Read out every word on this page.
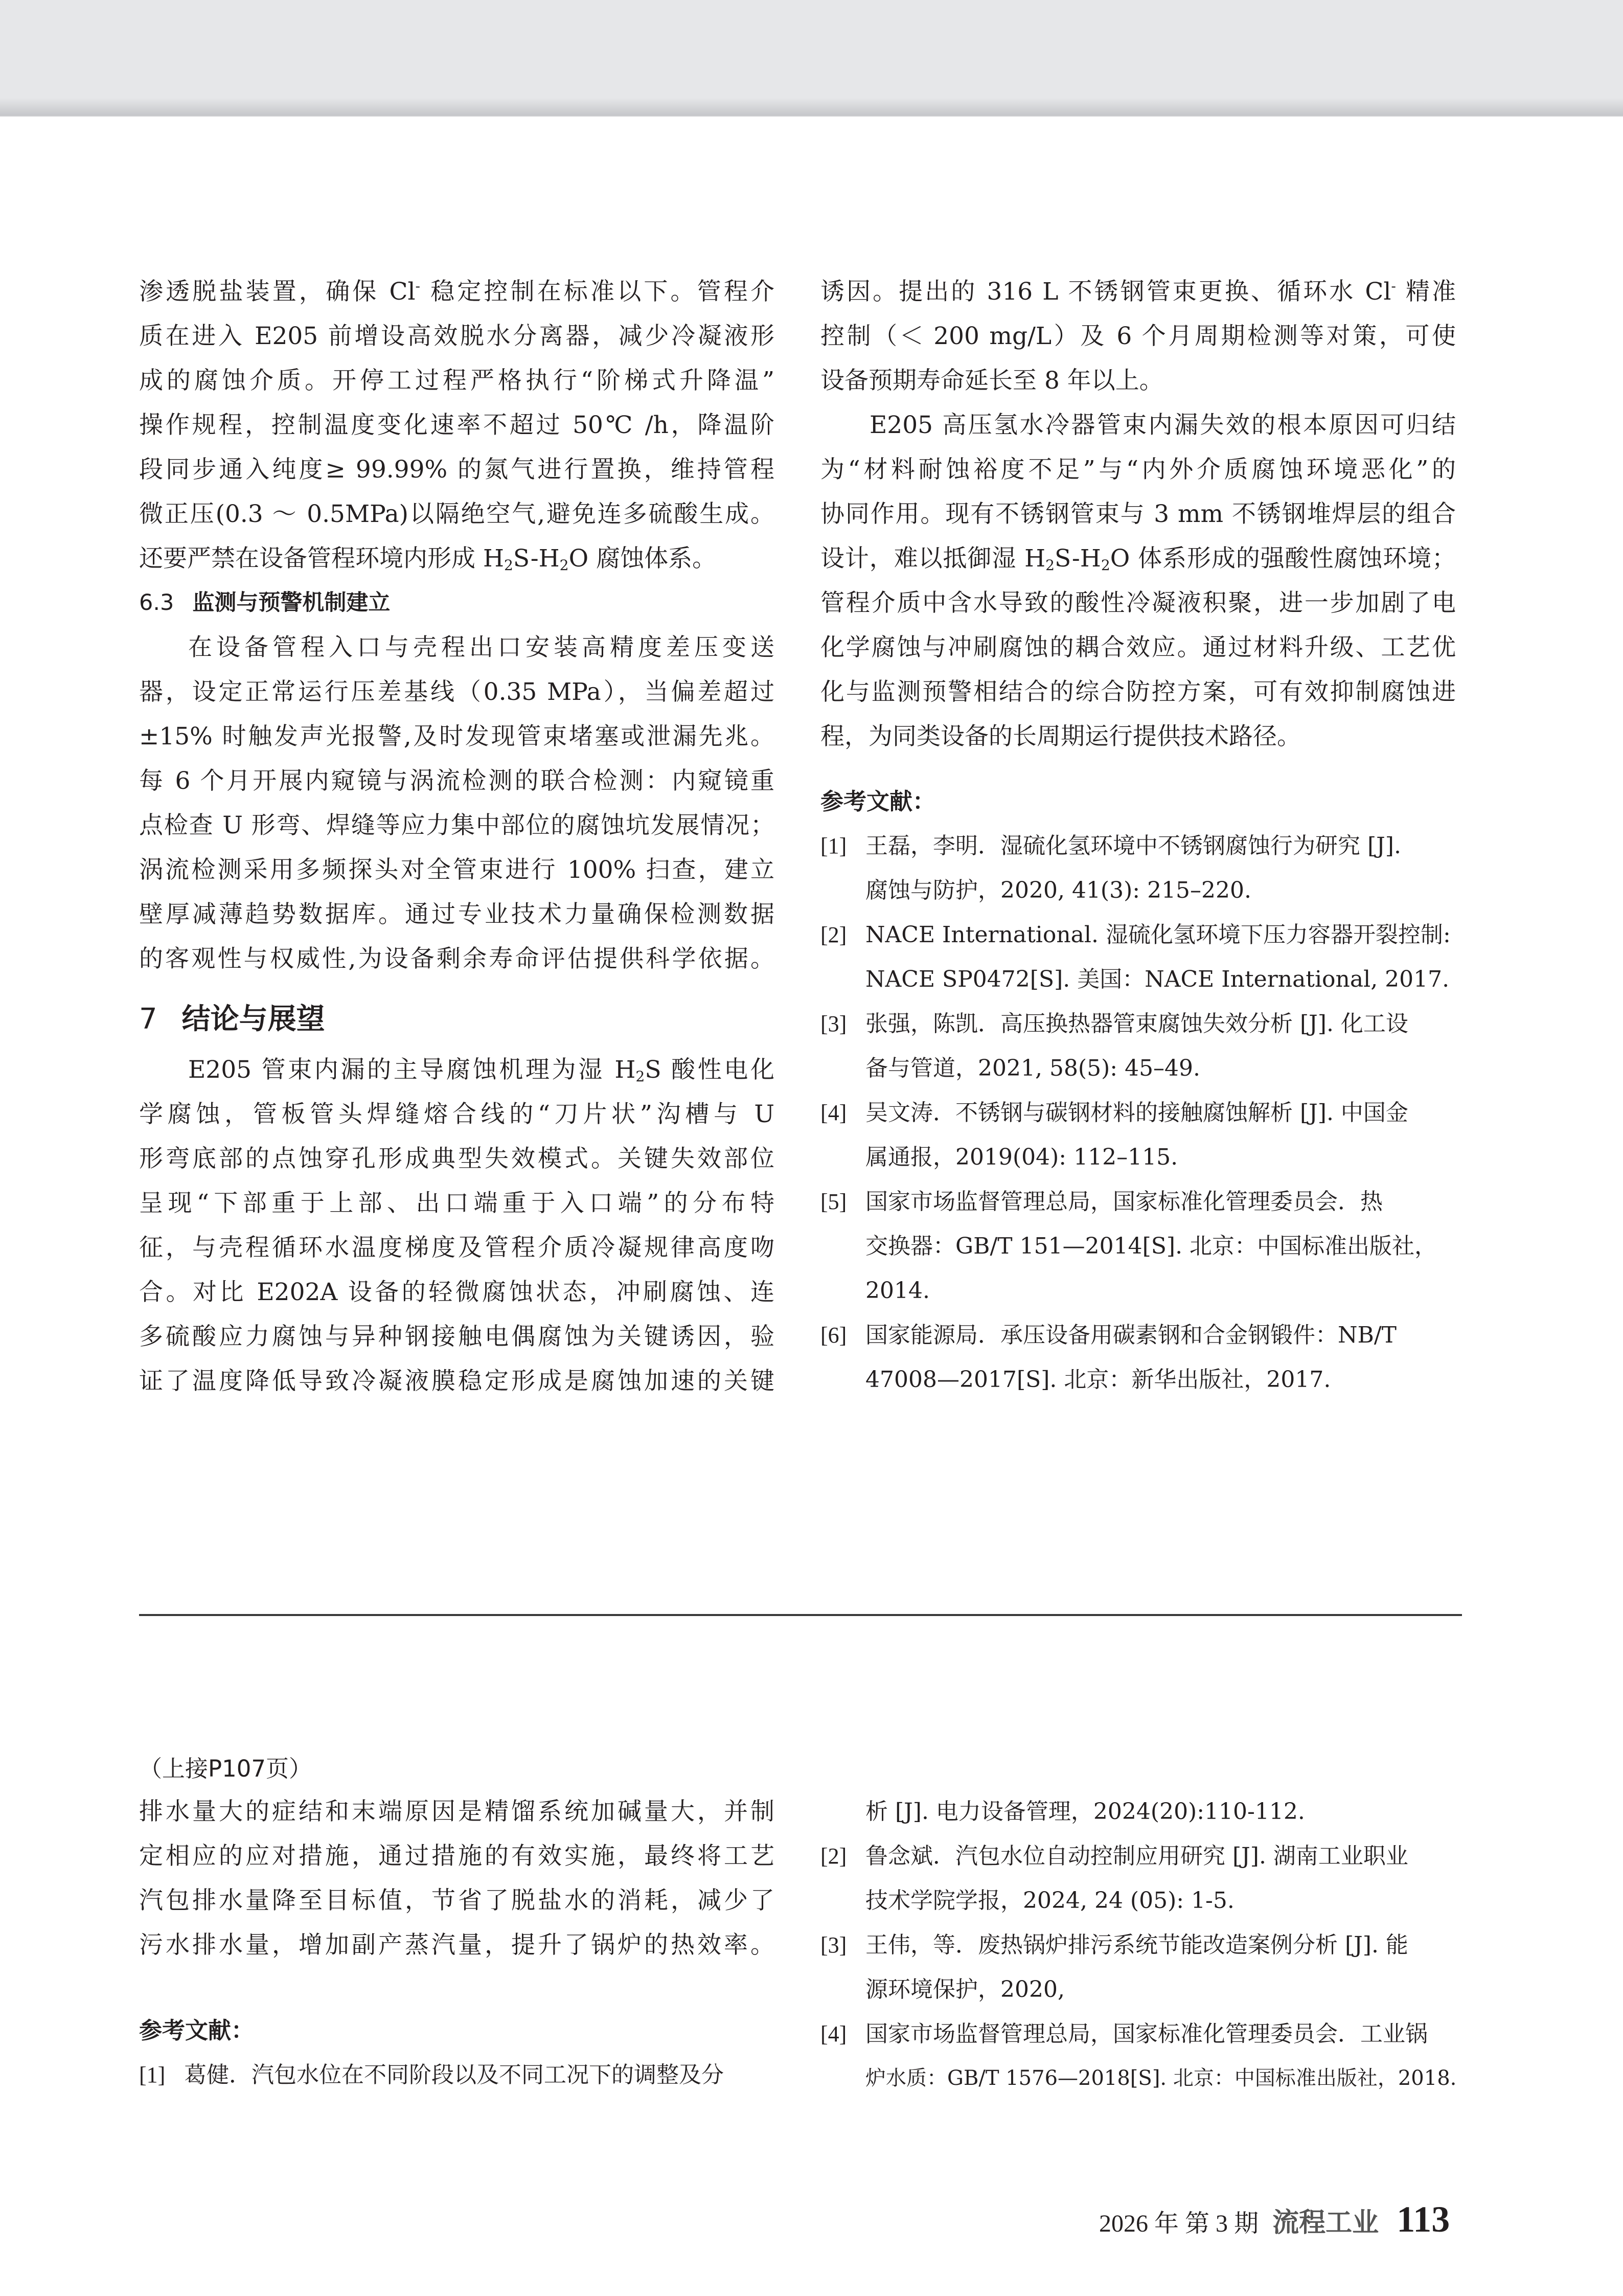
渗透脱盐装置，确保 Cl- 稳定控制在标准以下。管程介
质在进入 E205 前增设高效脱水分离器，减少冷凝液形
成的腐蚀介质。开停工过程严格执行“阶梯式升降温”
操作规程，控制温度变化速率不超过 50℃ /h，降温阶
段同步通入纯度≥ 99.99% 的氮气进行置换，维持管程
微正压(0.3 ～ 0.5MPa)以隔绝空气,避免连多硫酸生成。
还要严禁在设备管程环境内形成 $H_2S-H_2O$ 腐蚀体系。
6.3 监测与预警机制建立
在设备管程入口与壳程出口安装高精度差压变送
器，设定正常运行压差基线（0.35 MPa），当偏差超过
±15% 时触发声光报警,及时发现管束堵塞或泄漏先兆。
每 6 个月开展内窥镜与涡流检测的联合检测：内窥镜重
点检查 U 形弯、焊缝等应力集中部位的腐蚀坑发展情况；
涡流检测采用多频探头对全管束进行 100% 扫查，建立
壁厚减薄趋势数据库。通过专业技术力量确保检测数据
的客观性与权威性,为设备剩余寿命评估提供科学依据。
7 结论与展望
E205 管束内漏的主导腐蚀机理为湿 $H_2S$ 酸性电化
学腐蚀，管板管头焊缝熔合线的“刀片状”沟槽与 U
形弯底部的点蚀穿孔形成典型失效模式。关键失效部位
呈现“下部重于上部、出口端重于入口端”的分布特
征，与壳程循环水温度梯度及管程介质冷凝规律高度吻
合。对比 E202A 设备的轻微腐蚀状态，冲刷腐蚀、连
多硫酸应力腐蚀与异种钢接触电偶腐蚀为关键诱因，验
证了温度降低导致冷凝液膜稳定形成是腐蚀加速的关键
诱因。提出的 316 L 不锈钢管束更换、循环水 Cl- 精准
控制（＜ 200 mg/L）及 6 个月周期检测等对策，可使
设备预期寿命延长至 8 年以上。
E205 高压氢水冷器管束内漏失效的根本原因可归结
为“材料耐蚀裕度不足”与“内外介质腐蚀环境恶化”的
协同作用。现有不锈钢管束与 3 mm 不锈钢堆焊层的组合
设计，难以抵御湿 $H_2S-H_2O$ 体系形成的强酸性腐蚀环境；
管程介质中含水导致的酸性冷凝液积聚，进一步加剧了电
化学腐蚀与冲刷腐蚀的耦合效应。通过材料升级、工艺优
化与监测预警相结合的综合防控方案，可有效抑制腐蚀进
程，为同类设备的长周期运行提供技术路径。
参考文献：
[1] 王磊，李明．湿硫化氢环境中不锈钢腐蚀行为研究 [J].
腐蚀与防护，2020, 41(3): 215–220.
[2] NACE International. 湿硫化氢环境下压力容器开裂控制:
NACE SP0472[S]. 美国：NACE International, 2017.
[3] 张强，陈凯．高压换热器管束腐蚀失效分析 [J]. 化工设
备与管道，2021, 58(5): 45–49.
[4] 吴文涛．不锈钢与碳钢材料的接触腐蚀解析 [J]. 中国金
属通报，2019(04): 112–115.
[5] 国家市场监督管理总局，国家标准化管理委员会．热
交换器：GB/T 151—2014[S]. 北京：中国标准出版社，
2014.
[6] 国家能源局．承压设备用碳素钢和合金钢锻件：NB/T
47008—2017[S]. 北京：新华出版社，2017.
（上接P107页）
排水量大的症结和末端原因是精馏系统加碱量大，并制
定相应的应对措施，通过措施的有效实施，最终将工艺
汽包排水量降至目标值，节省了脱盐水的消耗，减少了
污水排水量，增加副产蒸汽量，提升了锅炉的热效率。
参考文献：
[1] 葛健．汽包水位在不同阶段以及不同工况下的调整及分
析 [J]. 电力设备管理，2024(20):110-112.
[2] 鲁念斌．汽包水位自动控制应用研究 [J]. 湖南工业职业
技术学院学报，2024, 24 (05): 1-5.
[3] 王伟，等．废热锅炉排污系统节能改造案例分析 [J]. 能
源环境保护，2020,
[4] 国家市场监督管理总局，国家标准化管理委员会．工业锅
炉水质：GB/T 1576—2018[S]. 北京：中国标准出版社，2018.
2026 年 第 3 期 流程工业 113
